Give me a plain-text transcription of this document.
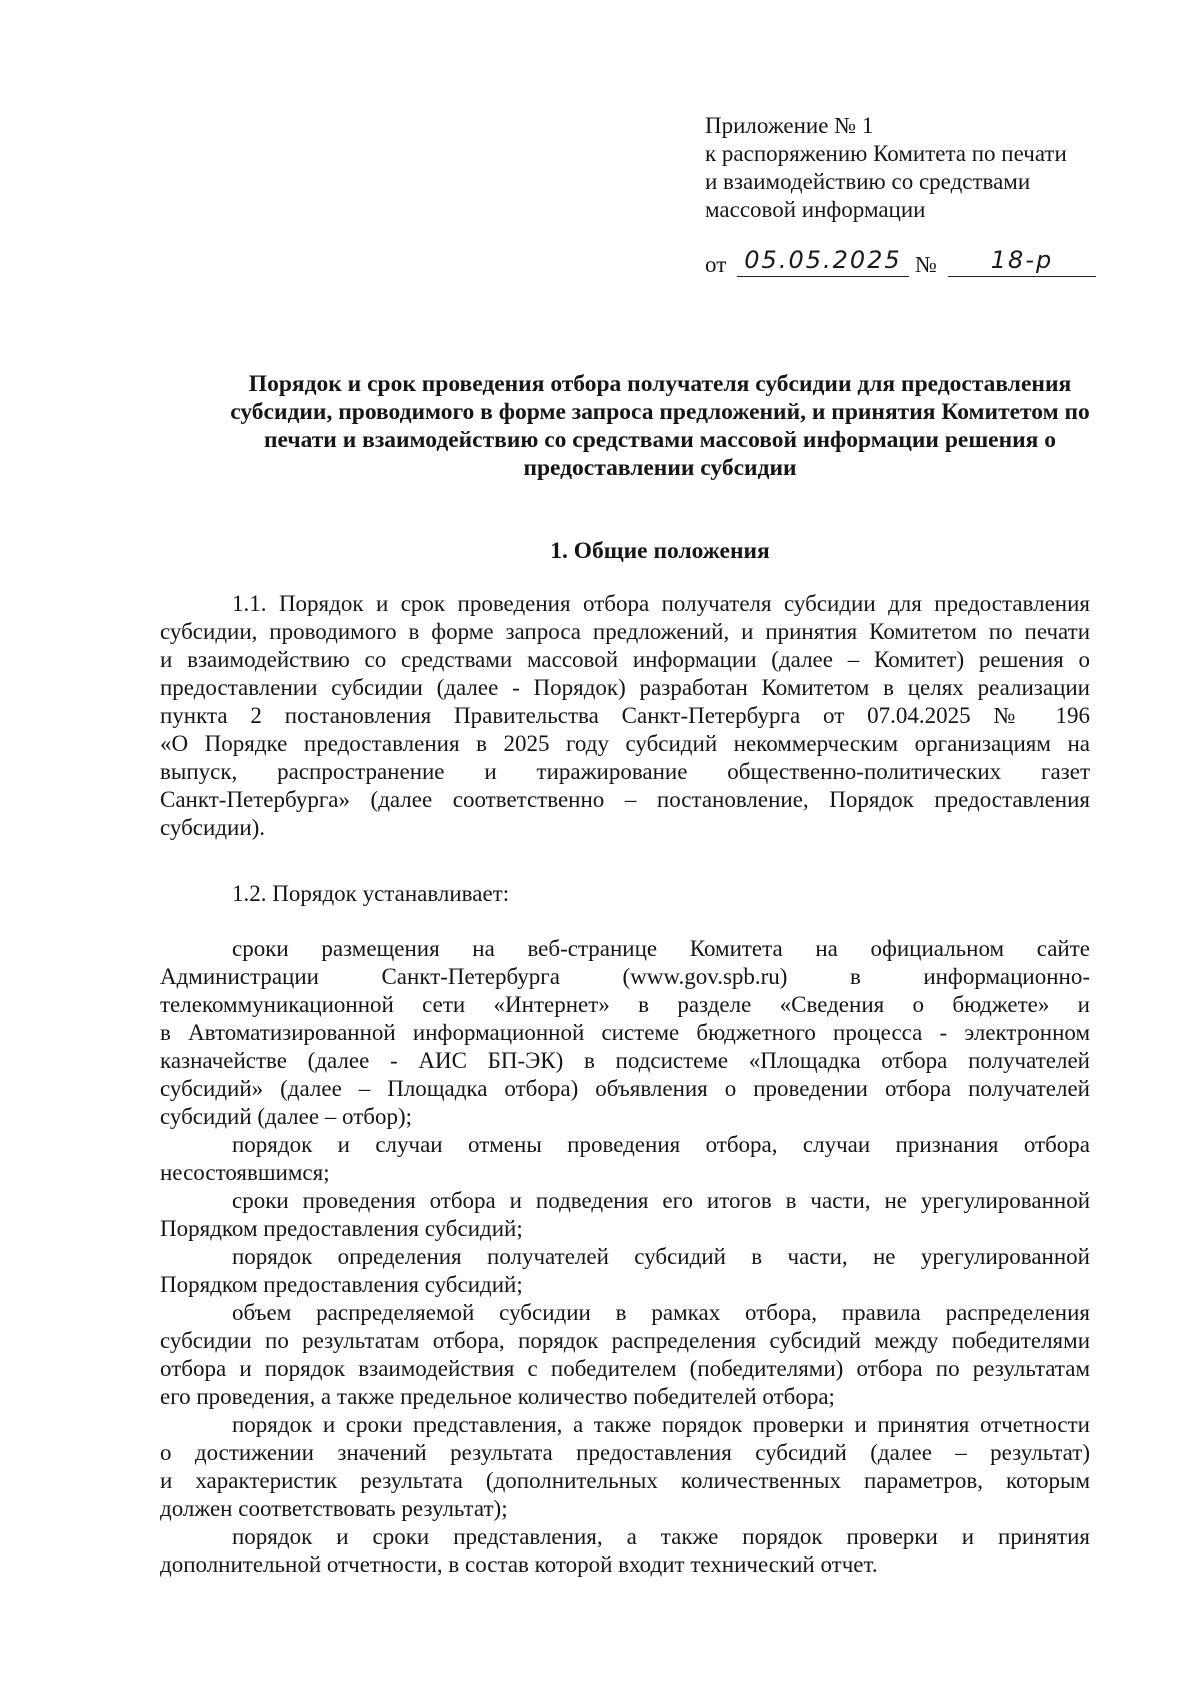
Приложение № 1
к распоряжению Комитета по печати
и взаимодействию со средствами
массовой информации
от 05.05.2025 №	18-р
Порядок и срок проведения отбора получателя субсидии для предоставления
субсидии, проводимого в форме запроса предложений, и принятия Комитетом по
печати и взаимодействию со средствами массовой информации решения о
предоставлении субсидии
1. Общие положения
1.1. Порядок и срок проведения отбора получателя субсидии для предоставления
субсидии, проводимого в форме запроса предложений, и принятия Комитетом по печати
и взаимодействию со средствами массовой информации (далее – Комитет) решения о
предоставлении субсидии (далее - Порядок) разработан Комитетом в целях реализации
пункта 2 постановления Правительства Санкт-Петербурга от 07.04.2025 № 196
«О Порядке предоставления в 2025 году субсидий некоммерческим организациям на
выпуск, распространение и тиражирование общественно-политических газет
Санкт-Петербурга» (далее соответственно – постановление, Порядок предоставления
субсидии).
1.2. Порядок устанавливает:
сроки размещения на веб-странице Комитета на официальном сайте
Администрации Санкт-Петербурга (www.gov.spb.ru) в информационно-
телекоммуникационной сети «Интернет» в разделе «Сведения о бюджете» и
в Автоматизированной информационной системе бюджетного процесса - электронном
казначействе (далее - АИС БП-ЭК) в подсистеме «Площадка отбора получателей
субсидий» (далее – Площадка отбора) объявления о проведении отбора получателей
субсидий (далее – отбор);
порядок и случаи отмены проведения отбора, случаи признания отбора
несостоявшимся;
сроки проведения отбора и подведения его итогов в части, не урегулированной
Порядком предоставления субсидий;
порядок определения получателей субсидий в части, не урегулированной
Порядком предоставления субсидий;
объем распределяемой субсидии в рамках отбора, правила распределения
субсидии по результатам отбора, порядок распределения субсидий между победителями
отбора и порядок взаимодействия с победителем (победителями) отбора по результатам
его проведения, а также предельное количество победителей отбора;
порядок и сроки представления, а также порядок проверки и принятия отчетности
о достижении значений результата предоставления субсидий (далее – результат)
и характеристик результата (дополнительных количественных параметров, которым
должен соответствовать результат);
порядок и сроки представления, а также порядок проверки и принятия
дополнительной отчетности, в состав которой входит технический отчет.
